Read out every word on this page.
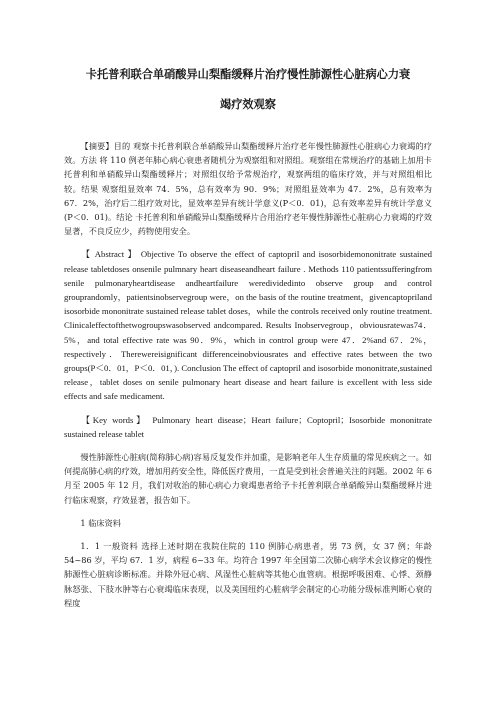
卡托普利联合单硝酸异山梨酯缓释片治疗慢性肺源性心脏病心力衰
竭疗效观察

【摘要】目的 观察卡托普利联合单硝酸异山梨酯缓释片治疗老年慢性肺源性心脏病心力衰竭的疗效。方法 将 110 例老年肺心病心衰患者随机分为观察组和对照组。观察组在常规治疗的基础上加用卡托普利和单硝酸异山梨酯缓释片；对照组仅给予常规治疗，观察两组的临床疗效，并与对照组相比较。结果 观察组显效率 74．5%，总有效率为 90．9%；对照组显效率为 47．2%，总有效率为 67．2%，治疗后二组疗效对比，显效率差异有统计学意义(P＜0．01)，总有效率差异有统计学意义(P＜0．01)。结论 卡托普利和单硝酸异山梨酯缓释片合用治疗老年慢性肺源性心脏病心力衰竭的疗效显著，不良反应少，药物使用安全。

【 Abstract 】 Objective To observe the effect of captopril and isosorbidemononitrate sustained release tabletdoses onsenile pulmnary heart diseaseandheart failure . Methods 110 patientssufferingfrom senile pulmonaryheartdisease andheartfailure weredividedinto observe group and control grouprandomly，patientsinobservegroup were，on the basis of the routine treatment，givencaptopriland isosorbide mononitrate sustained release tablet doses，while the controls received only routine treatment. Clinicaleffectofthetwogroupswasobserved andcompared. Results Inobservegroup，obviousratewas74．5%，and total effective rate was 90．9%，which in control group were 47．2%and 67．2%，respectively．Therewereisignificant differenceinobviousrates and effective rates between the two groups(P＜0．01，P＜0．01，). Conclusion The effect of captopril and isosorbide mononitrate,sustained release，tablet doses on senile pulmonary heart disease and heart failure is excellent with less side effects and safe medicament.

【Key words】 Pulmonary heart disease；Heart failure；Coptopril；Isosorbide mononitrate sustained release tablet

慢性肺源性心脏病(简称肺心病)容易反复发作并加重，是影响老年人生存质量的常见疾病之一。如何提高肺心病的疗效，增加用药安全性，降低医疗费用，一直是受到社会普遍关注的问题。2002 年 6 月至 2005 年 12 月，我们对收治的肺心病心力衰竭患者给予卡托普利联合单硝酸异山梨酯缓释片进行临床观察，疗效显著，报告如下。

1 临床资料

1．1 一般资料 选择上述时期在我院住院的 110 例肺心病患者，男 73 例，女 37 例；年龄 54~86 岁，平均 67．1 岁，病程 6~33 年。均符合 1997 年全国第二次肺心病学术会议修定的慢性肺源性心脏病诊断标准。并除外冠心病、风湿性心脏病等其他心血管病。根据呼吸困难、心悸、颈静脉怒张、下肢水肿等右心衰竭临床表现，以及美国纽约心脏病学会制定的心功能分级标准判断心衰的程度
